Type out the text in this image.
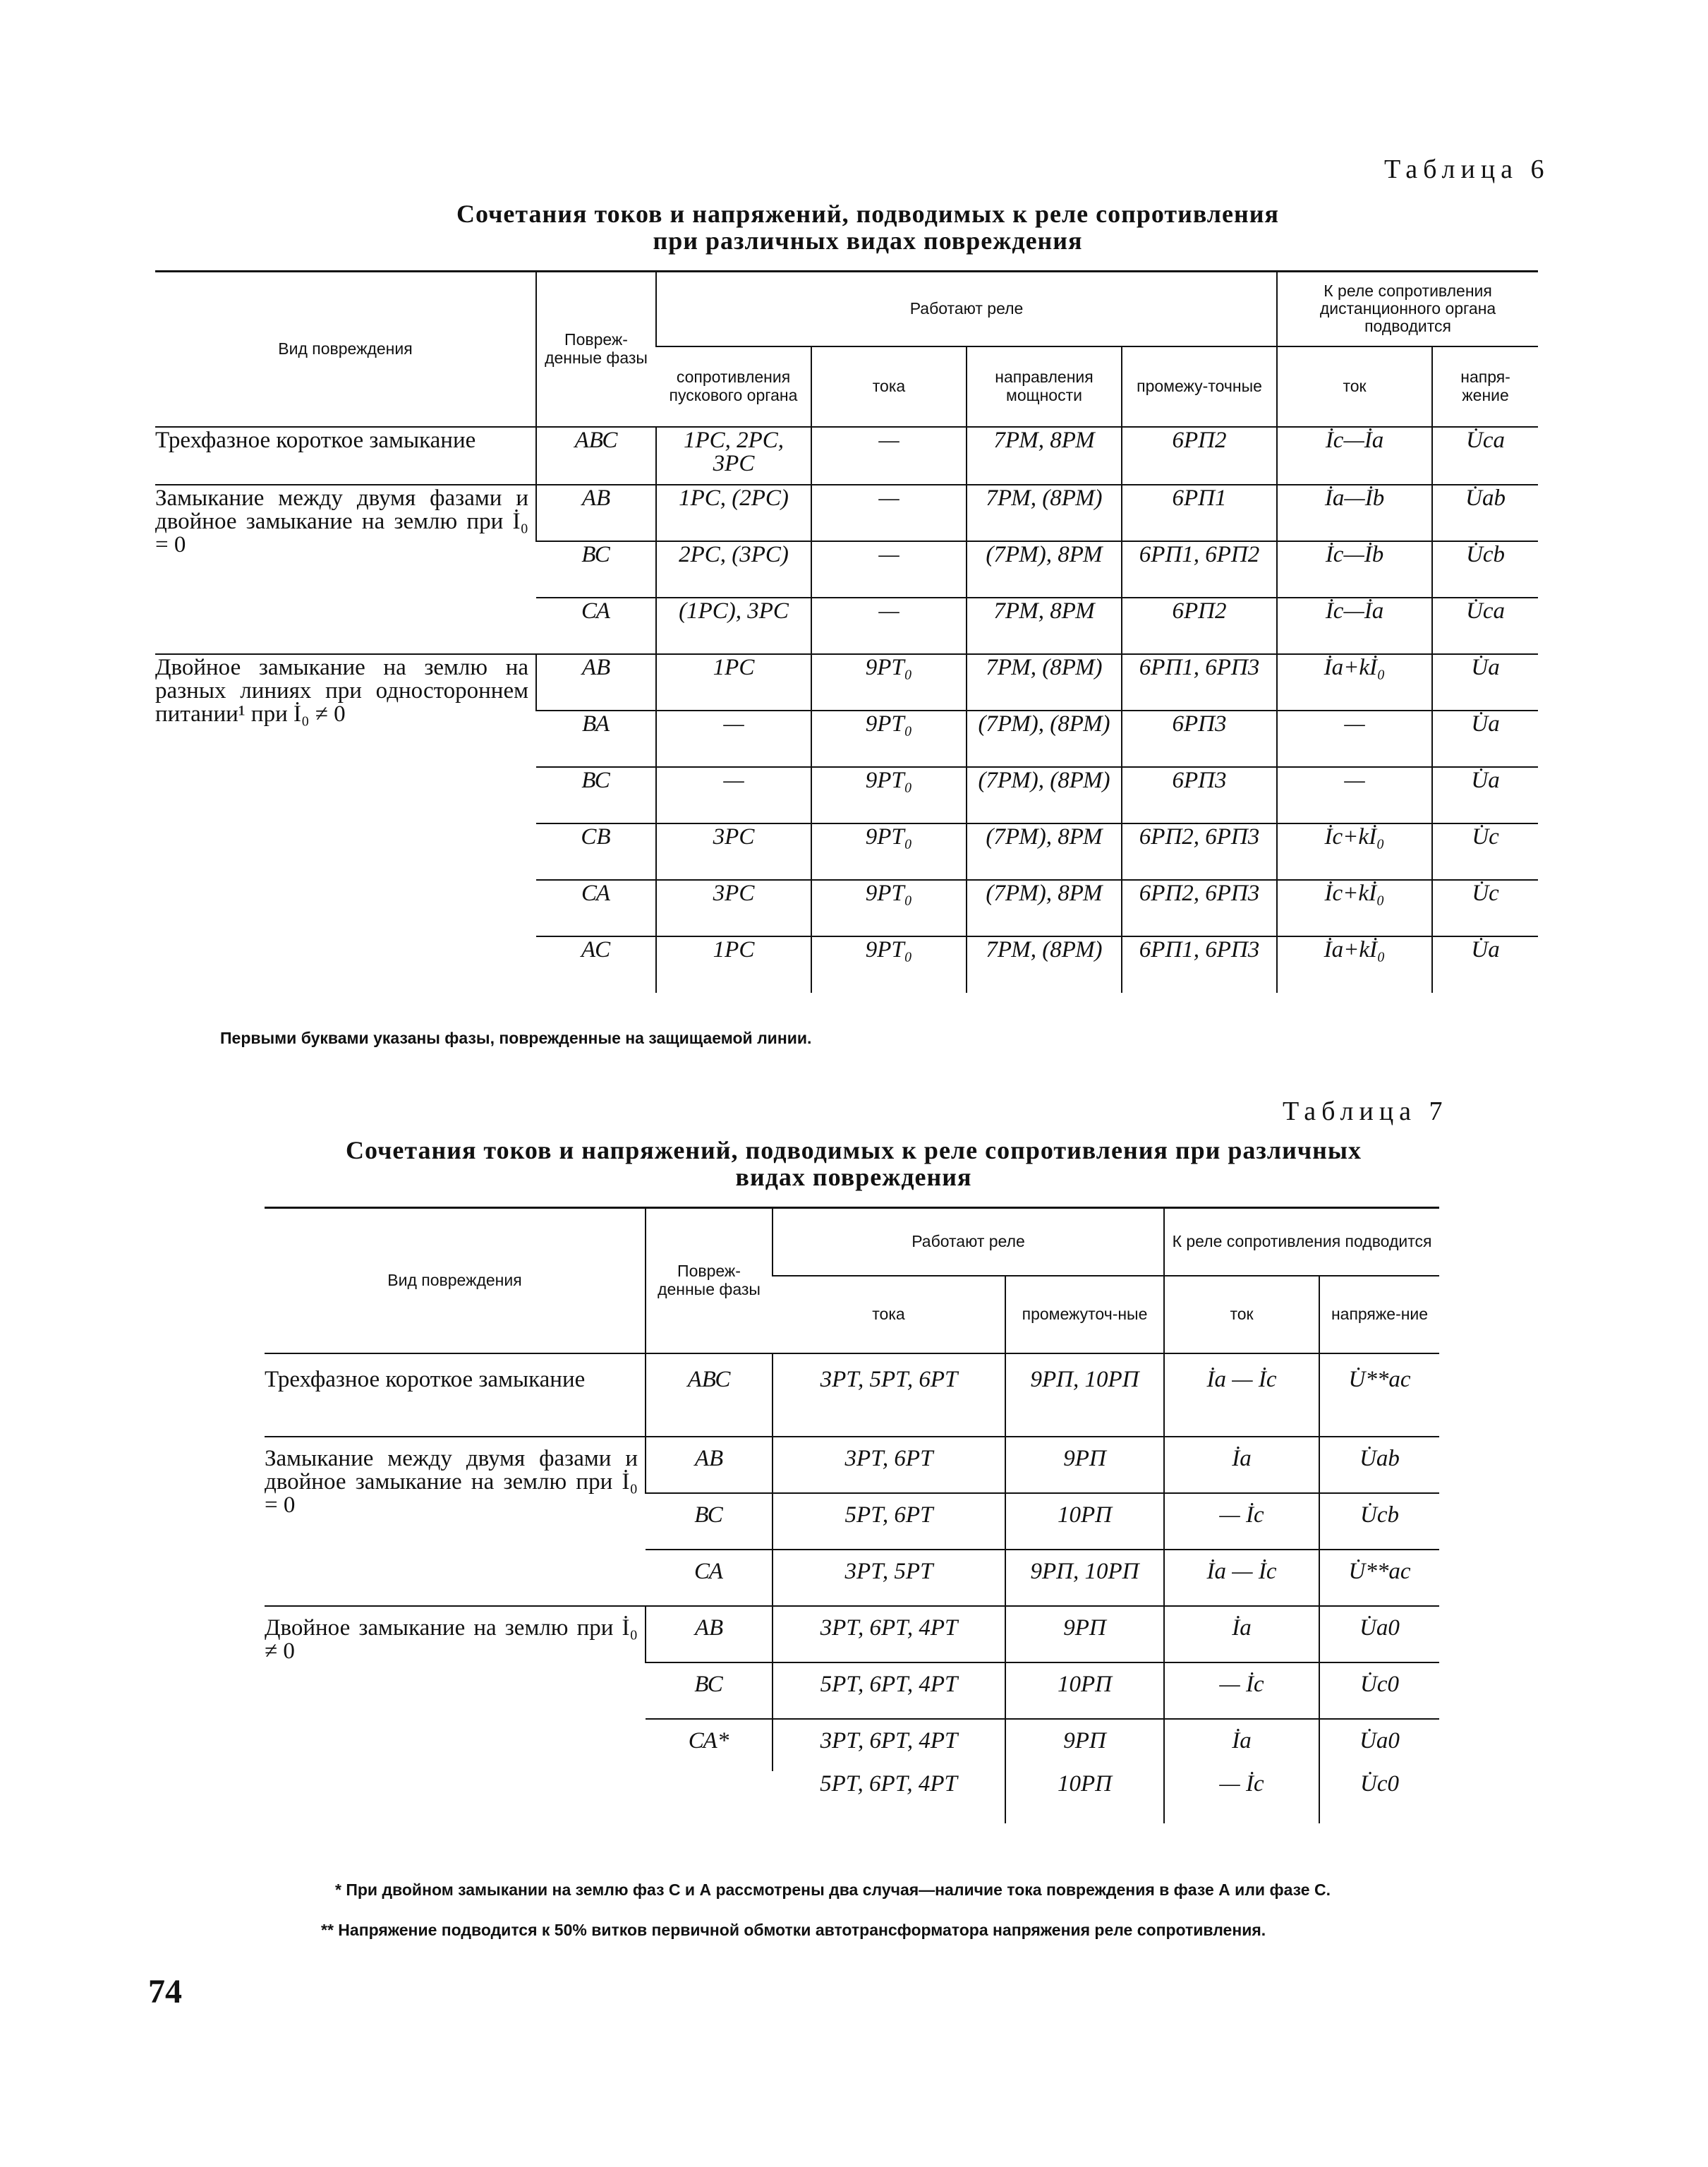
Таблица 6
Сочетания токов и напряжений, подводимых к реле сопротивления
при различных видах повреждения
Вид повреждения	Повреж-денные фазы	Работают реле				К реле сопротивления дистанционного органа подводится	
		сопротивления пускового органа	тока	направления мощности	промежу-точные	ток	напря-жение
Трехфазное короткое замыкание	АВС	1РС, 2РС, 3РС	—	7РМ, 8РМ	6РП2	İc—İa	U̇ca
Замыкание между двумя фазами и двойное замыкание на землю при İ₀ = 0	АВ	1РС, (2РС)	—	7РМ, (8РМ)	6РП1	İa—İb	U̇ab
	ВС	2РС, (3РС)	—	(7РМ), 8РМ	6РП1, 6РП2	İc—İb	U̇cb
	СА	(1РС), 3РС	—	7РМ, 8РМ	6РП2	İc—İa	U̇ca
Двойное замыкание на землю на разных линиях при одностороннем питании¹ при İ₀ ≠ 0	АВ	1РС	9РТ₀	7РМ, (8РМ)	6РП1, 6РП3	İa+kİ₀	U̇a
	ВА	—	9РТ₀	(7РМ), (8РМ)	6РП3	—	U̇a
	ВС	—	9РТ₀	(7РМ), (8РМ)	6РП3	—	U̇a
	СВ	3РС	9РТ₀	(7РМ), 8РМ	6РП2, 6РП3	İc+kİ₀	U̇c
	СА	3РС	9РТ₀	(7РМ), 8РМ	6РП2, 6РП3	İc+kİ₀	U̇c
	АС	1РС	9РТ₀	7РМ, (8РМ)	6РП1, 6РП3	İa+kİ₀	U̇a
Первыми буквами указаны фазы, поврежденные на защищаемой линии.
Таблица 7
Сочетания токов и напряжений, подводимых к реле сопротивления при различных
видах повреждения
Вид повреждения	Повреж-денные фазы	Работают реле		К реле сопротивления подводится	
		тока	промежуточ-ные	ток	напряже-ние
Трехфазное короткое замыкание	АВС	3РТ, 5РТ, 6РТ	9РП, 10РП	İa — İc	U̇**ac
Замыкание между двумя фазами и двойное замыкание на землю при İ₀ = 0	АВ	3РТ, 6РТ	9РП	İa	U̇ab
	ВС	5РТ, 6РТ	10РП	— İc	U̇cb
	СА	3РТ, 5РТ	9РП, 10РП	İa — İc	U̇**ac
Двойное замыкание на землю при İ₀ ≠ 0	АВ	3РТ, 6РТ, 4РТ	9РП	İa	U̇a0
	ВС	5РТ, 6РТ, 4РТ	10РП	— İc	U̇c0
	СА*	3РТ, 6РТ, 4РТ	9РП	İa	U̇a0
		5РТ, 6РТ, 4РТ	10РП	— İc	U̇c0
* При двойном замыкании на землю фаз С и А рассмотрены два случая—наличие тока повреждения в фазе А или фазе С.
** Напряжение подводится к 50% витков первичной обмотки автотрансформатора напряжения реле сопротивления.
74
